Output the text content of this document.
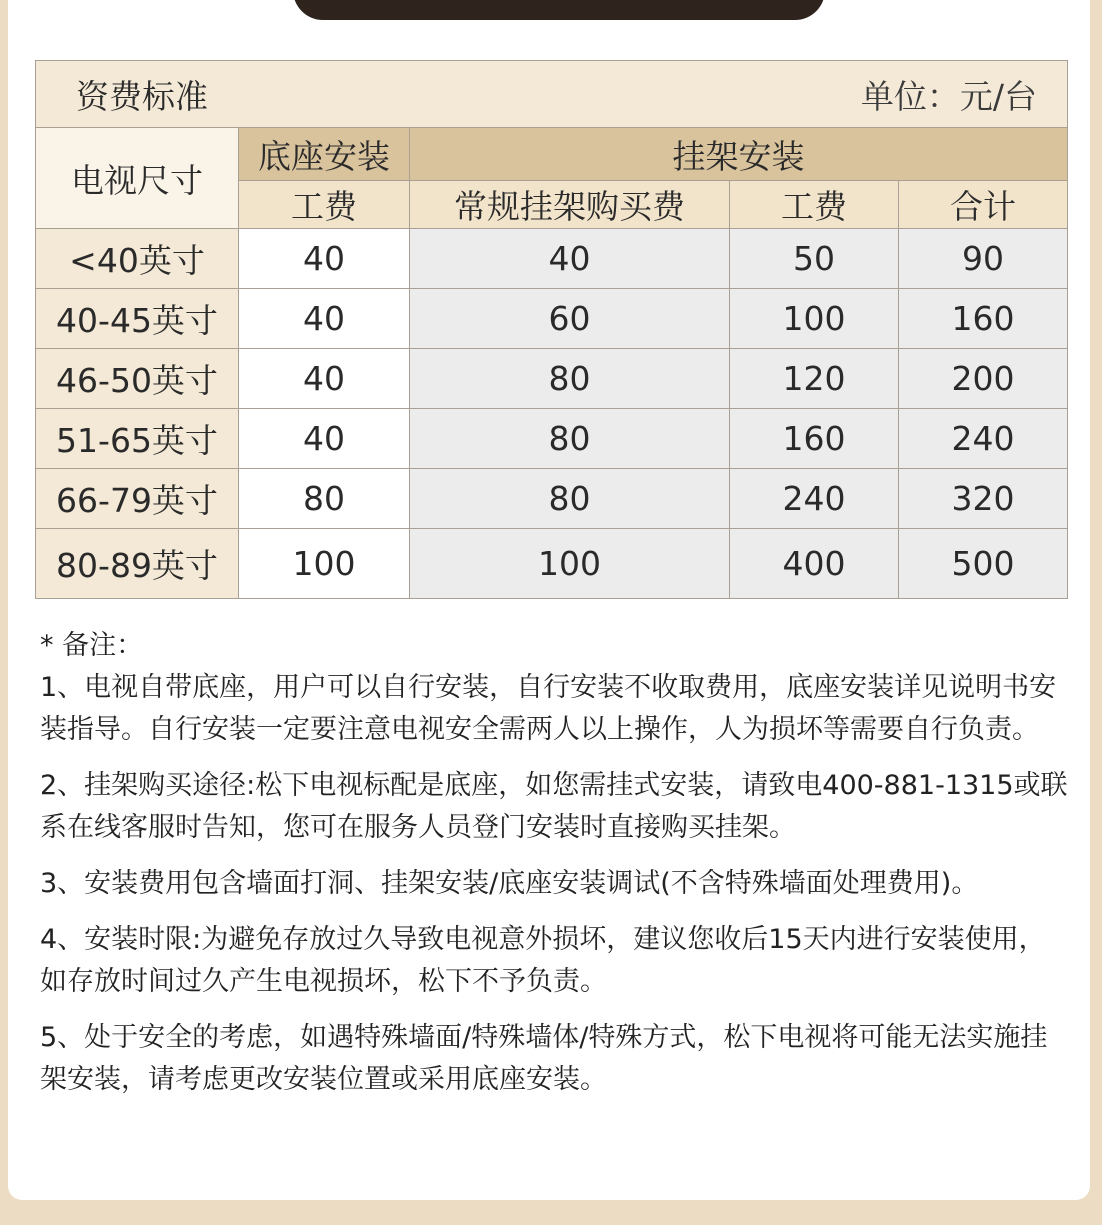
资费标准			单位：元/台	
电视尺寸	底座安装	挂架安装		
	工费	常规挂架购买费	工费	合计
<40英寸	40	40	50	90
40-45英寸	40	60	100	160
46-50英寸	40	80	120	200
51-65英寸	40	80	160	240
66-79英寸	80	80	240	320
80-89英寸	100	100	400	500

* 备注：

1、电视自带底座，用户可以自行安装，自行安装不收取费用，底座安装详见说明书安装指导。自行安装一定要注意电视安全需两人以上操作，人为损坏等需要自行负责。

2、挂架购买途径:松下电视标配是底座，如您需挂式安装，请致电400-881-1315或联系在线客服时告知，您可在服务人员登门安装时直接购买挂架。

3、安装费用包含墙面打洞、挂架安装/底座安装调试(不含特殊墙面处理费用)。

4、安装时限:为避免存放过久导致电视意外损坏，建议您收后15天内进行安装使用，如存放时间过久产生电视损坏，松下不予负责。

5、处于安全的考虑，如遇特殊墙面/特殊墙体/特殊方式，松下电视将可能无法实施挂架安装，请考虑更改安装位置或采用底座安装。
